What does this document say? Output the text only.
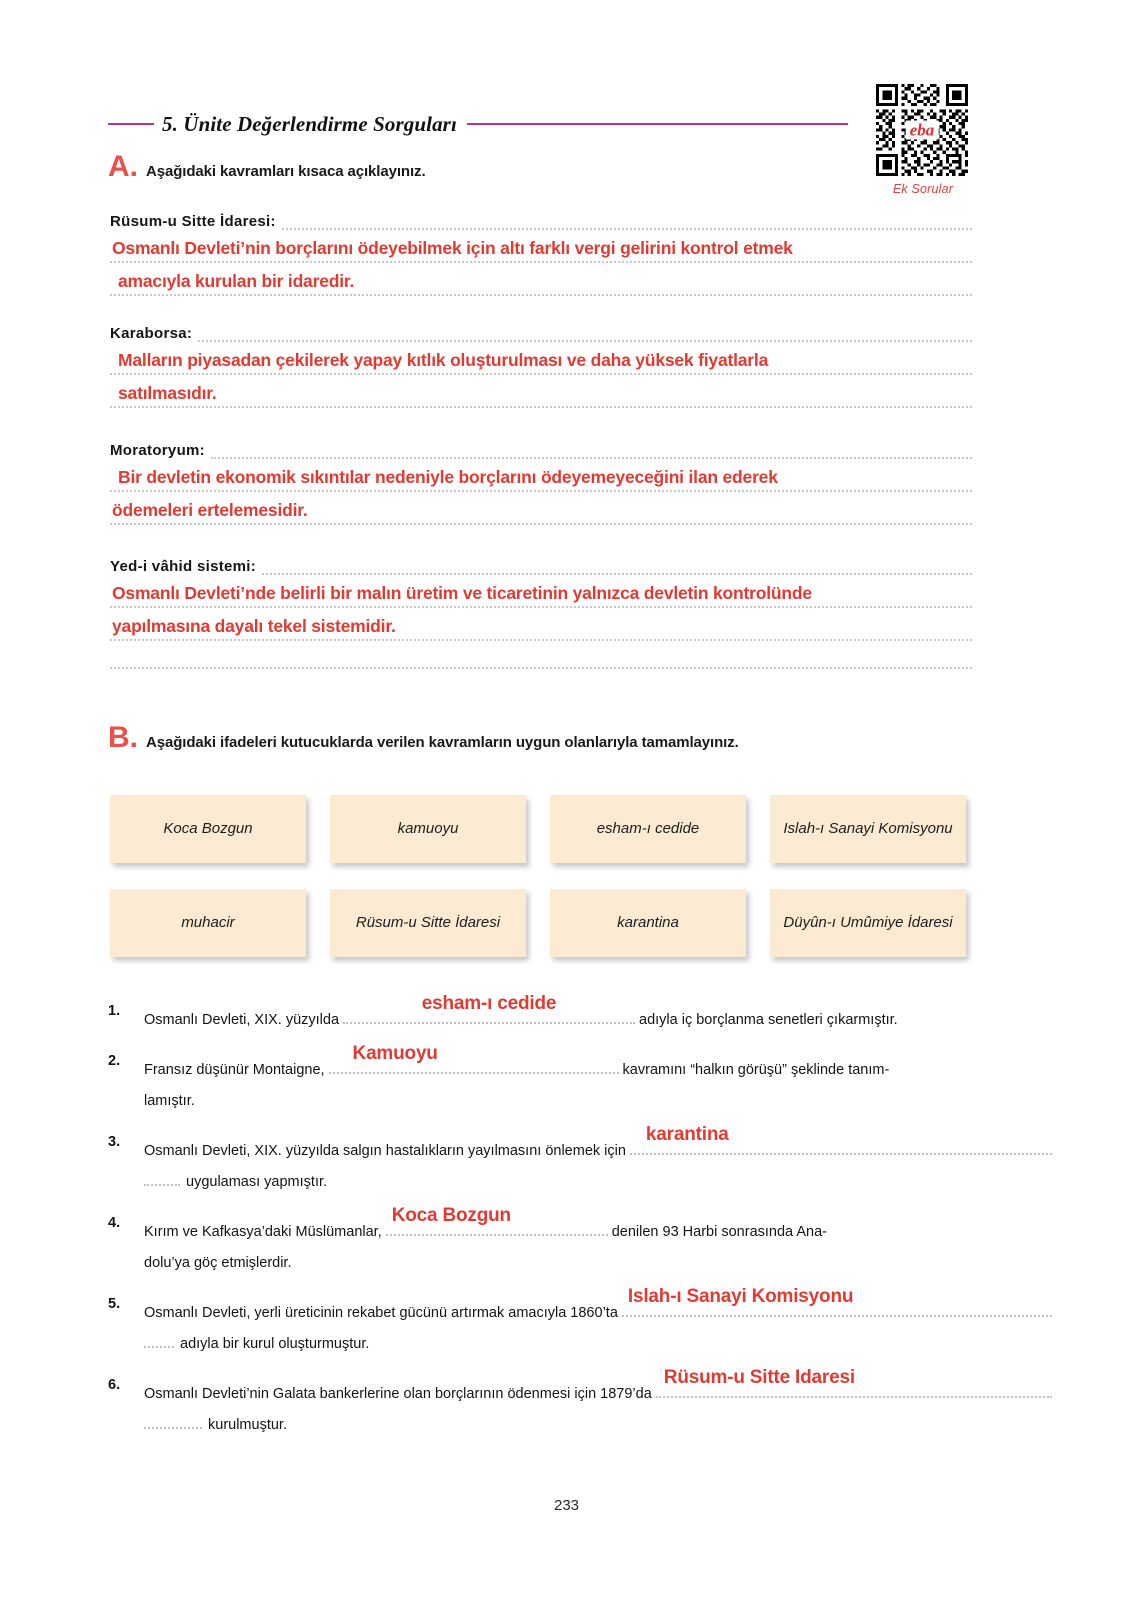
5. Ünite Değerlendirme Sorguları	eba
Ek Sorular
A. Aşağıdaki kavramları kısaca açıklayınız.
Rüsum-u Sitte İdaresi:
Osmanlı Devleti’nin borçlarını ödeyebilmek için altı farklı vergi gelirini kontrol etmek
amacıyla kurulan bir idaredir.
Karaborsa:
Malların piyasadan çekilerek yapay kıtlık oluşturulması ve daha yüksek fiyatlarla
satılmasıdır.
Moratoryum:
Bir devletin ekonomik sıkıntılar nedeniyle borçlarını ödeyemeyeceğini ilan ederek
ödemeleri ertelemesidir.
Yed-i vâhid sistemi:
Osmanlı Devleti’nde belirli bir malın üretim ve ticaretinin yalnızca devletin kontrolünde
yapılmasına dayalı tekel sistemidir.
B. Aşağıdaki ifadeleri kutucuklarda verilen kavramların uygun olanlarıyla tamamlayınız.
Koca Bozgun	kamuoyu	esham-ı cedide	Islah-ı Sanayi Komisyonu
muhacir	Rüsum-u Sitte İdaresi	karantina	Düyûn-ı Umûmiye İdaresi
1.
Osmanlı Devleti, XIX. yüzyılda
esham-ı cedide
adıyla iç borçlanma senetleri çıkarmıştır.
2.
Fransız düşünür Montaigne,
Kamuoyu
kavramını “halkın görüşü” şeklinde tanım-
lamıştır.
3.
Osmanlı Devleti, XIX. yüzyılda salgın hastalıkların yayılmasını önlemek için
karantina
uygulaması yapmıştır.
4.
Kırım ve Kafkasya’daki Müslümanlar,
Koca Bozgun
denilen 93 Harbi sonrasında Ana-
dolu’ya göç etmişlerdir.
5.
Osmanlı Devleti, yerli üreticinin rekabet gücünü artırmak amacıyla 1860’ta
Islah-ı Sanayi Komisyonu
adıyla bir kurul oluşturmuştur.
6.
Osmanlı Devleti’nin Galata bankerlerine olan borçlarının ödenmesi için 1879’da
Rüsum-u Sitte Idaresi
kurulmuştur.
233
